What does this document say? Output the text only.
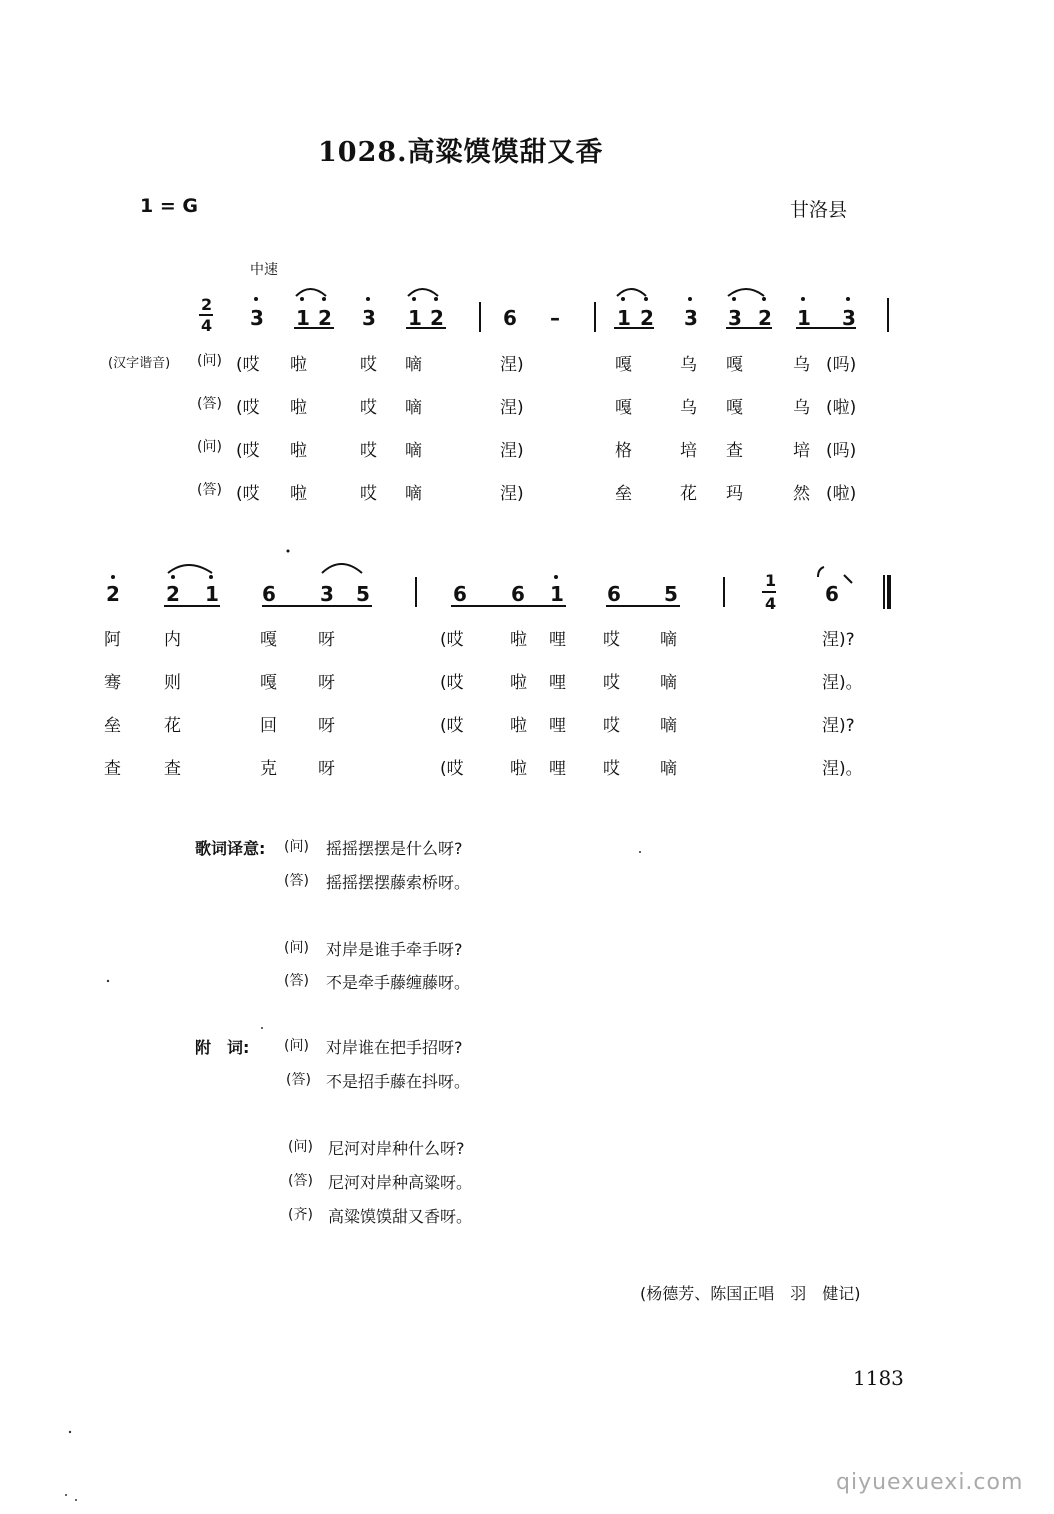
1028.高粱馍馍甜又香
1 = G	甘洛县
中速
2
4 3 1 2 3 1 2	6 –	1 2 3 3 2 1 3
(汉字谐音) (问) (哎 啦	哎 嘀	涅)	嘎	乌 嘎	乌 (吗)
(答) (哎 啦	哎 嘀	涅)	嘎	乌 嘎	乌 (啦)
(问) (哎 啦	哎 嘀	涅)	格	培 查	培 (吗)
(答) (哎 啦	哎 嘀	涅)	垒	花 玛	然 (啦)
2 2 1 6 3 5	6 6 1 6 5
1
4 6
阿	内	嘎 呀	(哎	啦 哩 哎 嘀	涅)?
骞	则	嘎 呀	(哎	啦 哩 哎 嘀	涅)。
垒	花	回 呀	(哎	啦 哩 哎 嘀	涅)?
查	查	克 呀	(哎	啦 哩 哎 嘀	涅)。
歌词译意: (问) 摇摇摆摆是什么呀?
(答) 摇摇摆摆藤索桥呀。
(问) 对岸是谁手牵手呀?
(答) 不是牵手藤缠藤呀。
附　词: (问) 对岸谁在把手招呀?
(答) 不是招手藤在抖呀。
(问) 尼河对岸种什么呀?
(答) 尼河对岸种高粱呀。
(齐) 高粱馍馍甜又香呀。
(杨德芳、陈国正唱　羽　健记)
1183
qiyuexuexi.com
